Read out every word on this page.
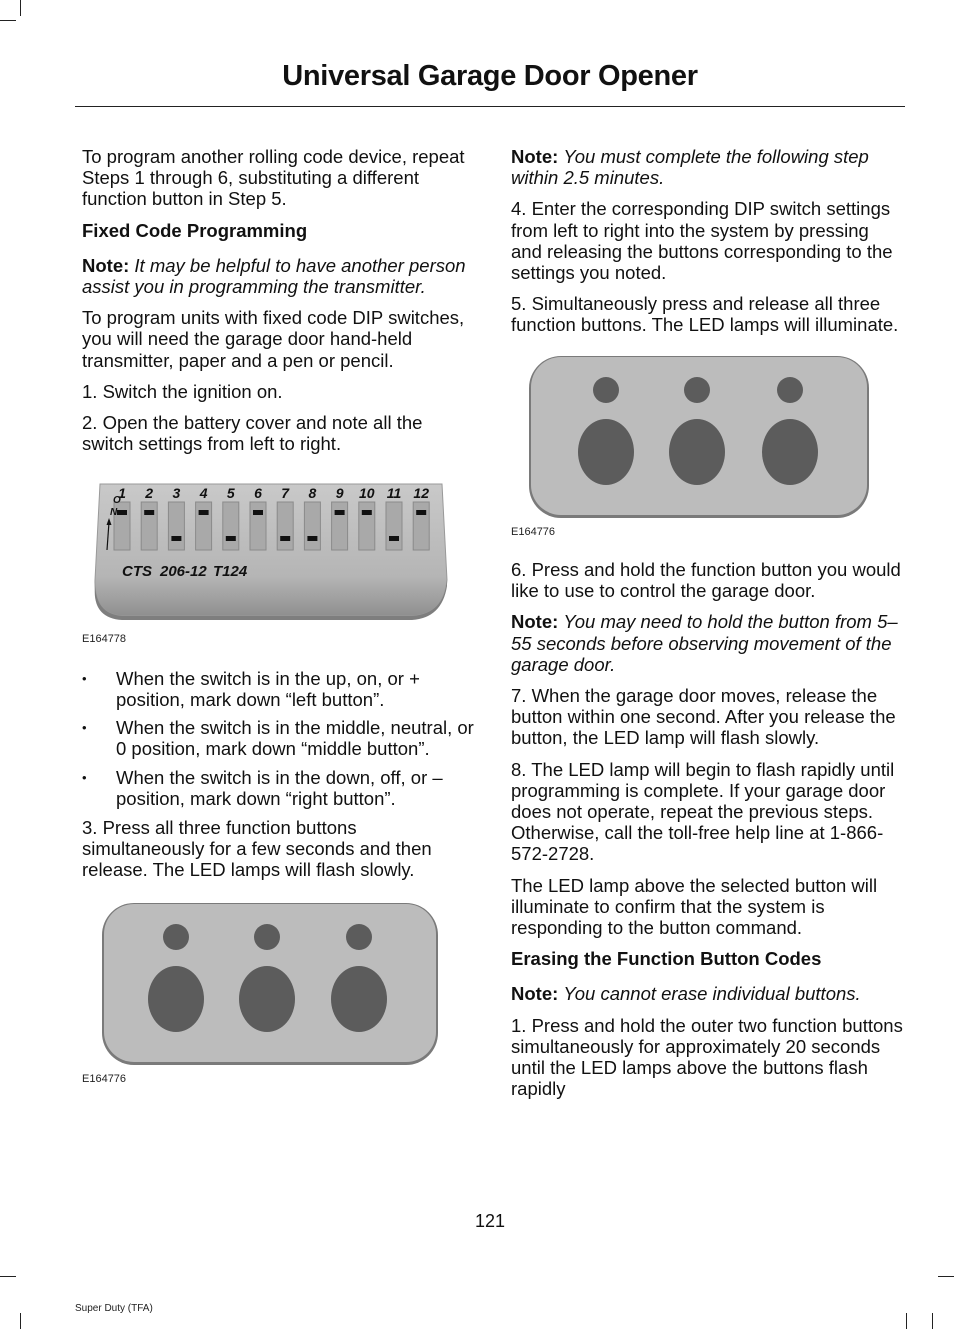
Universal Garage Door Opener

To program another rolling code device, repeat Steps 1 through 6, substituting a different function button in Step 5.

Fixed Code Programming

Note: It may be helpful to have another person assist you in programming the transmitter.

To program units with fixed code DIP switches, you will need the garage door hand-held transmitter, paper and a pen or pencil.

1. Switch the ignition on.

2. Open the battery cover and note all the switch settings from left to right.

1 2 3 4 5 6 7 8 9 10 11 12
O
N
CTS 206-12 T124
E164778
• When the switch is in the up, on, or + position, mark down “left button”.
• When the switch is in the middle, neutral, or 0 position, mark down “middle button”.
• When the switch is in the down, off, or – position, mark down “right button”.

3. Press all three function buttons simultaneously for a few seconds and then release. The LED lamps will flash slowly.

E164776

Note: You must complete the following step within 2.5 minutes.

4. Enter the corresponding DIP switch settings from left to right into the system by pressing and releasing the buttons corresponding to the settings you noted.

5. Simultaneously press and release all three function buttons. The LED lamps will illuminate.

E164776

6. Press and hold the function button you would like to use to control the garage door.

Note: You may need to hold the button from 5–55 seconds before observing movement of the garage door.

7. When the garage door moves, release the button within one second. After you release the button, the LED lamp will flash slowly.

8. The LED lamp will begin to flash rapidly until programming is complete. If your garage door does not operate, repeat the previous steps. Otherwise, call the toll-free help line at 1-866-572-2728.

The LED lamp above the selected button will illuminate to confirm that the system is responding to the button command.

Erasing the Function Button Codes

Note: You cannot erase individual buttons.

1. Press and hold the outer two function buttons simultaneously for approximately 20 seconds until the LED lamps above the buttons flash rapidly

121
Super Duty (TFA)
